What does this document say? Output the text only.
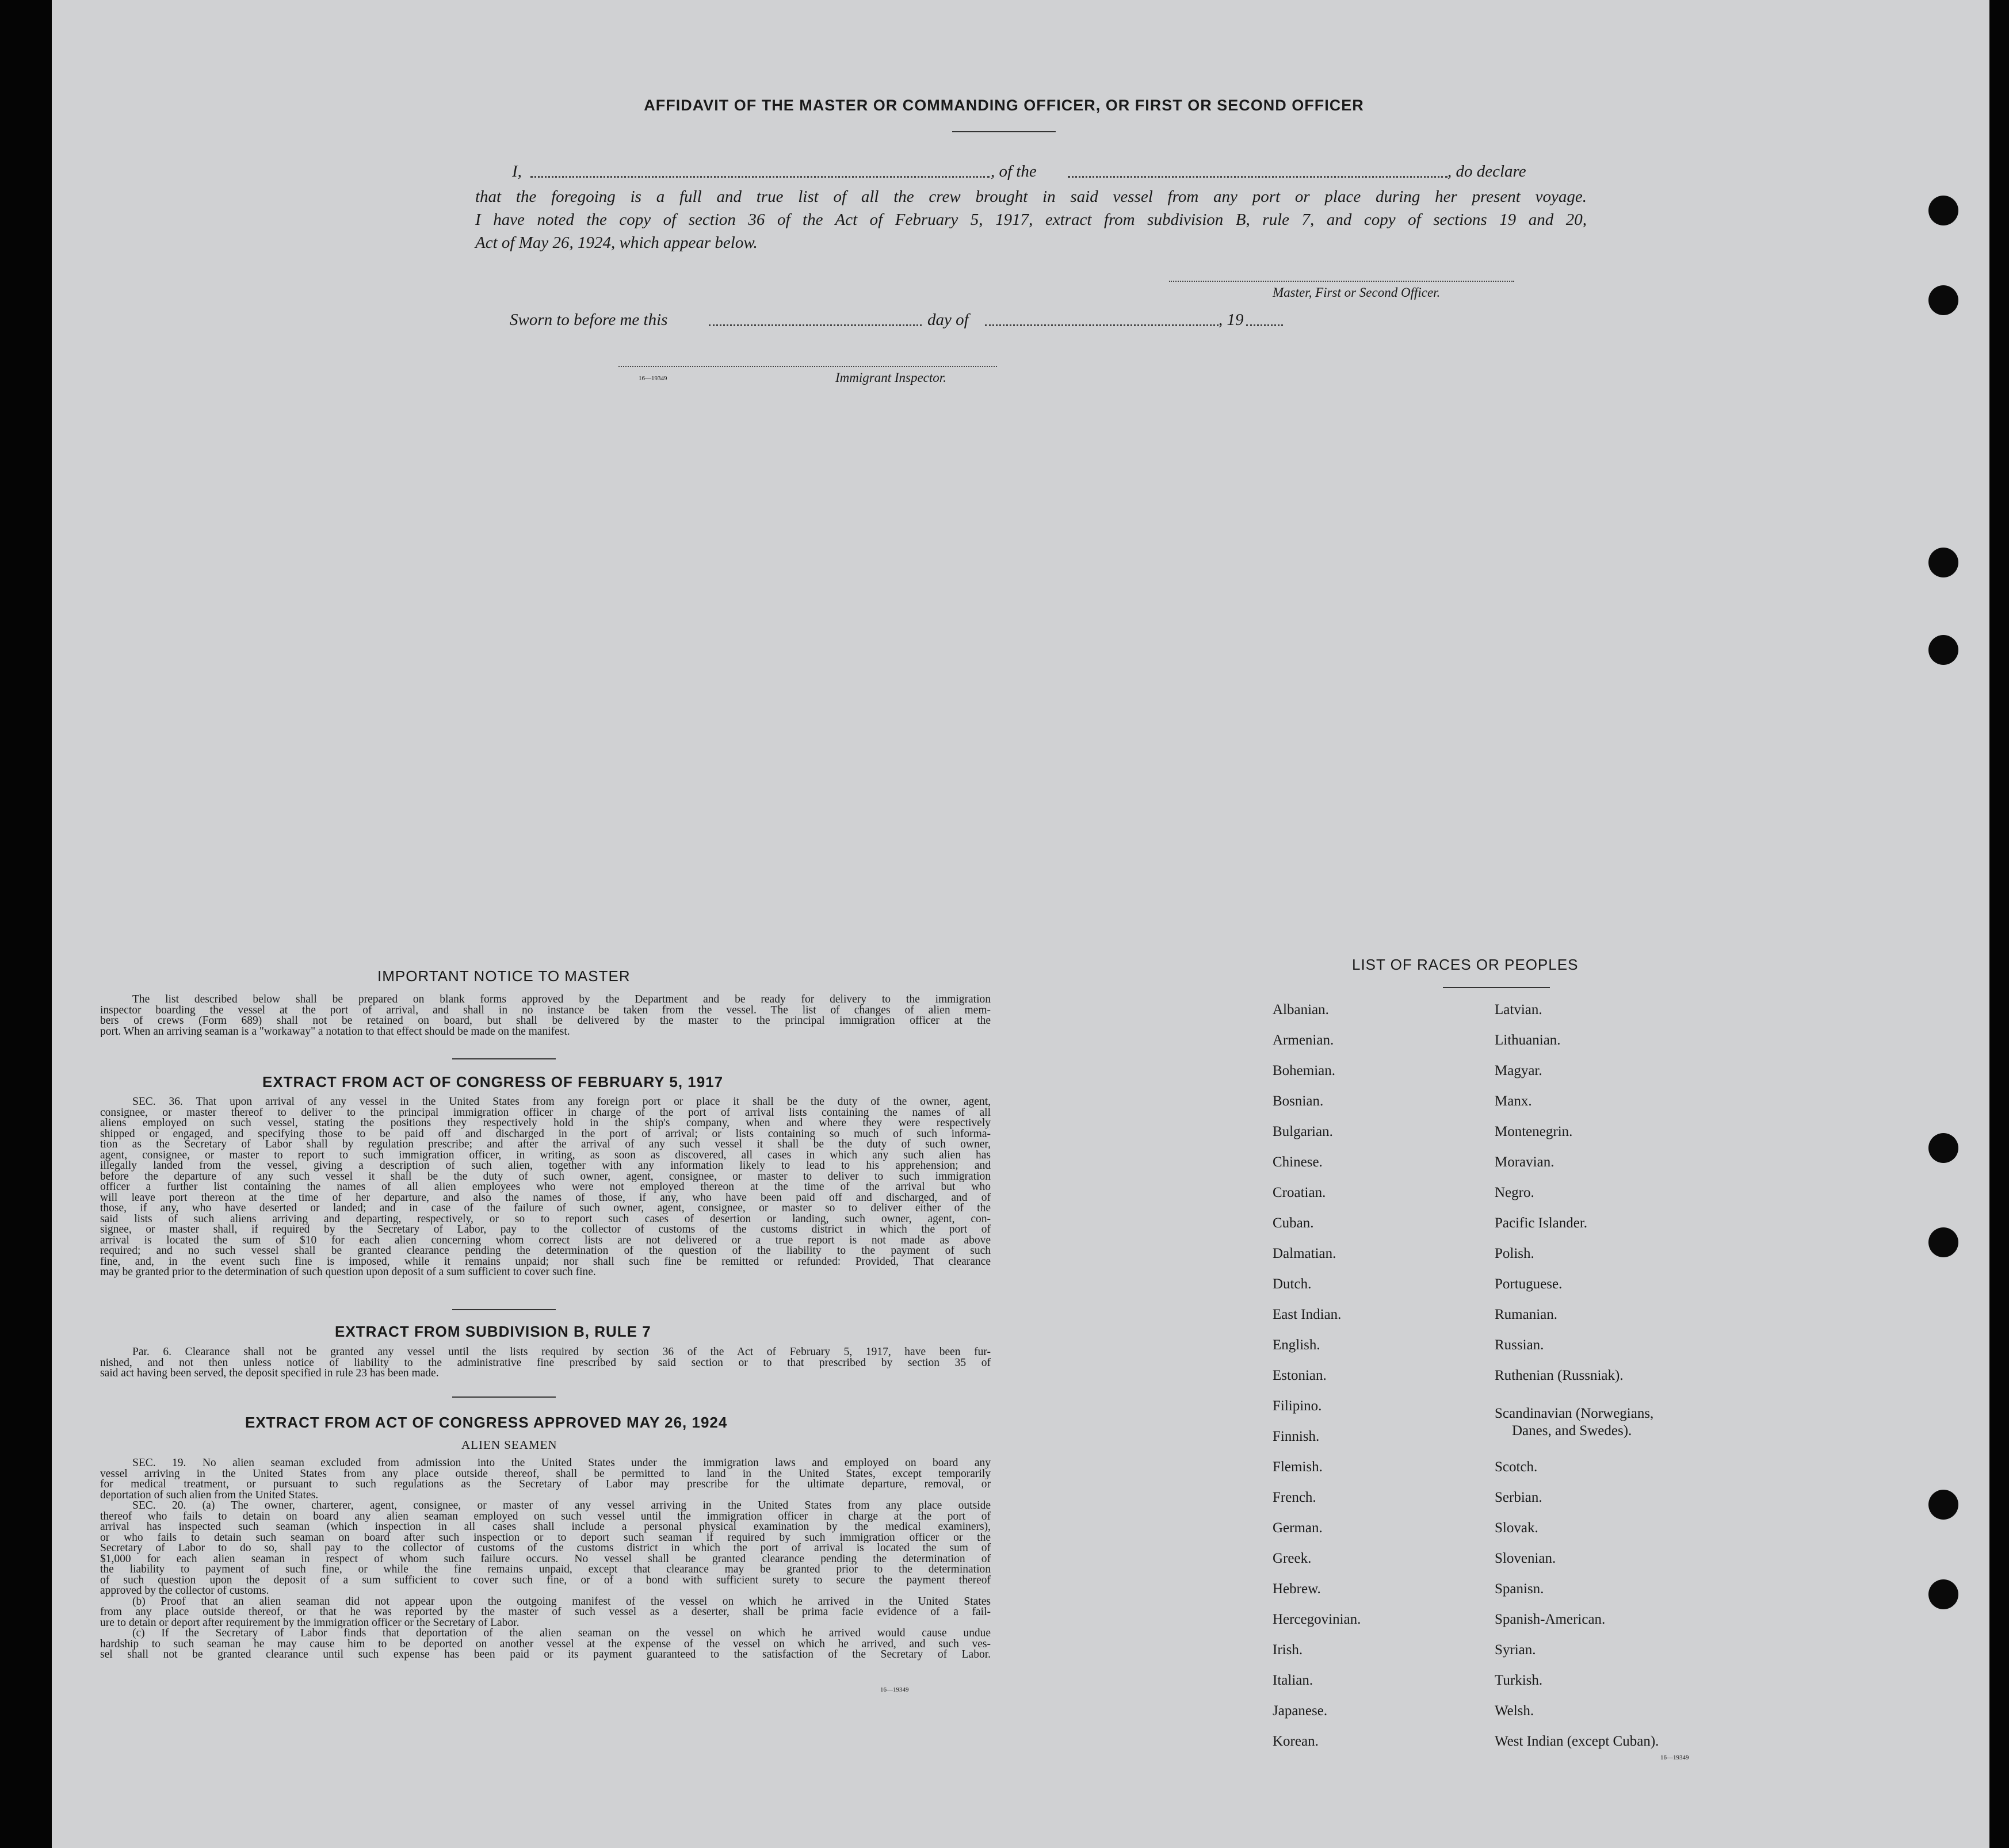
AFFIDAVIT OF THE MASTER OR COMMANDING OFFICER, OR FIRST OR SECOND OFFICER
I,	, of the	, do declare
that the foregoing is a full and true list of all the crew brought in said vessel from any port or place during her present voyage.
I have noted the copy of section 36 of the Act of February 5, 1917, extract from subdivision B, rule 7, and copy of sections 19 and 20,
Act of May 26, 1924, which appear below.
Master, First or Second Officer.
Sworn to before me this	day of	, 19
16—19349	Immigrant Inspector.
IMPORTANT NOTICE TO MASTER
The list described below shall be prepared on blank forms approved by the Department and be ready for delivery to the immigration
inspector boarding the vessel at the port of arrival, and shall in no instance be taken from the vessel. The list of changes of alien mem-
bers of crews (Form 689) shall not be retained on board, but shall be delivered by the master to the principal immigration officer at the
port. When an arriving seaman is a "workaway" a notation to that effect should be made on the manifest.
EXTRACT FROM ACT OF CONGRESS OF FEBRUARY 5, 1917
SEC. 36. That upon arrival of any vessel in the United States from any foreign port or place it shall be the duty of the owner, agent,
consignee, or master thereof to deliver to the principal immigration officer in charge of the port of arrival lists containing the names of all
aliens employed on such vessel, stating the positions they respectively hold in the ship's company, when and where they were respectively
shipped or engaged, and specifying those to be paid off and discharged in the port of arrival; or lists containing so much of such informa-
tion as the Secretary of Labor shall by regulation prescribe; and after the arrival of any such vessel it shall be the duty of such owner,
agent, consignee, or master to report to such immigration officer, in writing, as soon as discovered, all cases in which any such alien has
illegally landed from the vessel, giving a description of such alien, together with any information likely to lead to his apprehension; and
before the departure of any such vessel it shall be the duty of such owner, agent, consignee, or master to deliver to such immigration
officer a further list containing the names of all alien employees who were not employed thereon at the time of the arrival but who
will leave port thereon at the time of her departure, and also the names of those, if any, who have been paid off and discharged, and of
those, if any, who have deserted or landed; and in case of the failure of such owner, agent, consignee, or master so to deliver either of the
said lists of such aliens arriving and departing, respectively, or so to report such cases of desertion or landing, such owner, agent, con-
signee, or master shall, if required by the Secretary of Labor, pay to the collector of customs of the customs district in which the port of
arrival is located the sum of $10 for each alien concerning whom correct lists are not delivered or a true report is not made as above
required; and no such vessel shall be granted clearance pending the determination of the question of the liability to the payment of such
fine, and, in the event such fine is imposed, while it remains unpaid; nor shall such fine be remitted or refunded: Provided, That clearance
may be granted prior to the determination of such question upon deposit of a sum sufficient to cover such fine.
EXTRACT FROM SUBDIVISION B, RULE 7
Par. 6. Clearance shall not be granted any vessel until the lists required by section 36 of the Act of February 5, 1917, have been fur-
nished, and not then unless notice of liability to the administrative fine prescribed by said section or to that prescribed by section 35 of
said act having been served, the deposit specified in rule 23 has been made.
EXTRACT FROM ACT OF CONGRESS APPROVED MAY 26, 1924
ALIEN SEAMEN
SEC. 19. No alien seaman excluded from admission into the United States under the immigration laws and employed on board any
vessel arriving in the United States from any place outside thereof, shall be permitted to land in the United States, except temporarily
for medical treatment, or pursuant to such regulations as the Secretary of Labor may prescribe for the ultimate departure, removal, or
deportation of such alien from the United States.
SEC. 20. (a) The owner, charterer, agent, consignee, or master of any vessel arriving in the United States from any place outside
thereof who fails to detain on board any alien seaman employed on such vessel until the immigration officer in charge at the port of
arrival has inspected such seaman (which inspection in all cases shall include a personal physical examination by the medical examiners),
or who fails to detain such seaman on board after such inspection or to deport such seaman if required by such immigration officer or the
Secretary of Labor to do so, shall pay to the collector of customs of the customs district in which the port of arrival is located the sum of
$1,000 for each alien seaman in respect of whom such failure occurs. No vessel shall be granted clearance pending the determination of
the liability to payment of such fine, or while the fine remains unpaid, except that clearance may be granted prior to the determination
of such question upon the deposit of a sum sufficient to cover such fine, or of a bond with sufficient surety to secure the payment thereof
approved by the collector of customs.
(b) Proof that an alien seaman did not appear upon the outgoing manifest of the vessel on which he arrived in the United States
from any place outside thereof, or that he was reported by the master of such vessel as a deserter, shall be prima facie evidence of a fail-
ure to detain or deport after requirement by the immigration officer or the Secretary of Labor.
(c) If the Secretary of Labor finds that deportation of the alien seaman on the vessel on which he arrived would cause undue
hardship to such seaman he may cause him to be deported on another vessel at the expense of the vessel on which he arrived, and such ves-
sel shall not be granted clearance until such expense has been paid or its payment guaranteed to the satisfaction of the Secretary of Labor.
16—19349
LIST OF RACES OR PEOPLES
Albanian.
Armenian.
Bohemian.
Bosnian.
Bulgarian.
Chinese.
Croatian.
Cuban.
Dalmatian.
Dutch.
East Indian.
English.
Estonian.
Filipino.
Finnish.
Flemish.
French.
German.
Greek.
Hebrew.
Hercegovinian.
Irish.
Italian.
Japanese.
Korean.
Latvian.
Lithuanian.
Magyar.
Manx.
Montenegrin.
Moravian.
Negro.
Pacific Islander.
Polish.
Portuguese.
Rumanian.
Russian.
Ruthenian (Russniak).
Scandinavian (Norwegians,
Danes, and Swedes).
Scotch.
Serbian.
Slovak.
Slovenian.
Spanisn.
Spanish-American.
Syrian.
Turkish.
Welsh.
West Indian (except Cuban).
16—19349
